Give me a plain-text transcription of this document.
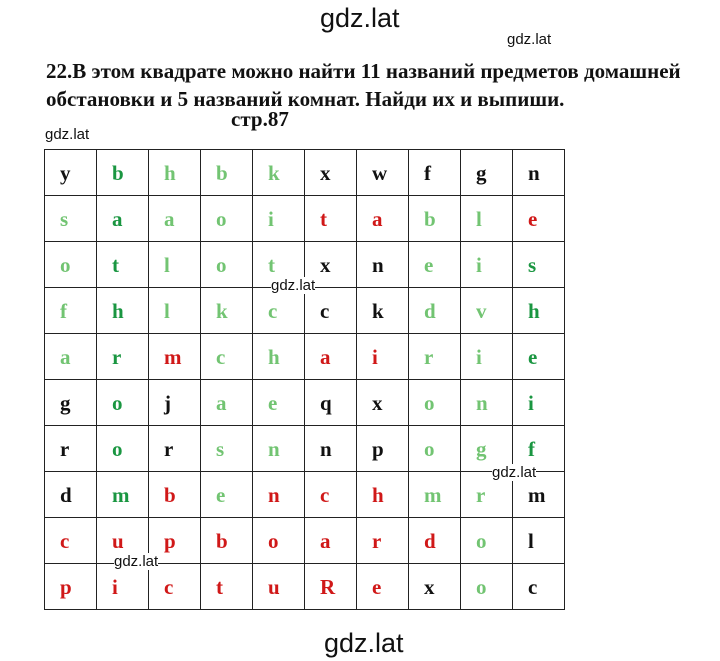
gdz.lat
gdz.lat
22.В этом квадрате можно найти 11 названий предметов домашней обстановки и 5 названий комнат. Найди их и выпиши.
стр.87
gdz.lat
y	b	h	b	k	x	w	f	g	n
s	a	a	o	i	t	a	b	l	e
o	t	l	o	t	x	n	e	i	s
f	h	l	k	c	c	k	d	v	h
a	r	m	c	h	a	i	r	i	e
g	o	j	a	e	q	x	o	n	i
r	o	r	s	n	n	p	o	g	f
d	m	b	e	n	c	h	m	r	m
c	u	p	b	o	a	r	d	o	l
p	i	c	t	u	R	e	x	o	c
gdz.lat
gdz.lat
gdz.lat
gdz.lat
